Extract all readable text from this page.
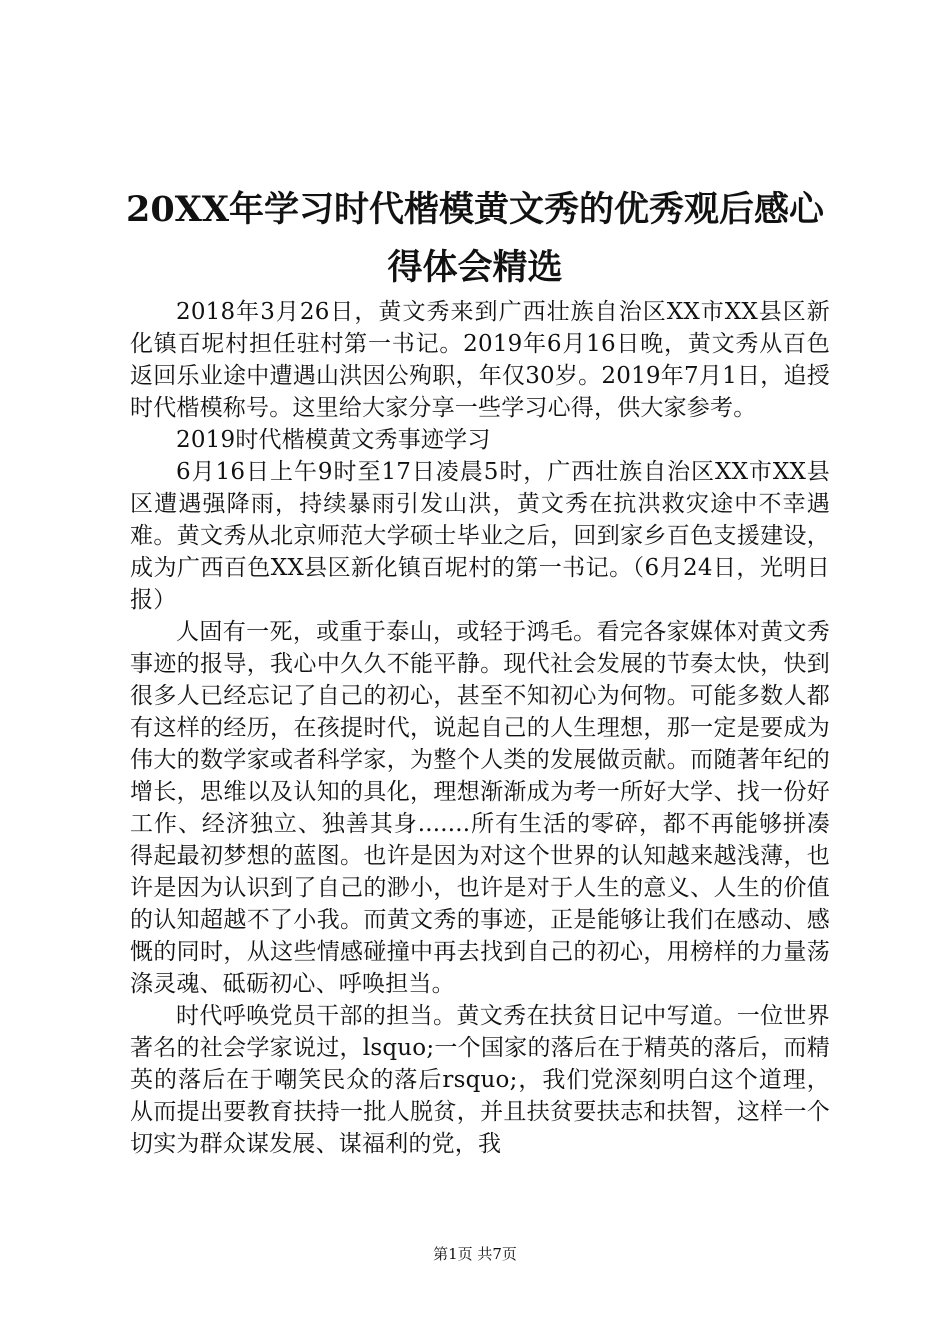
20XX年学习时代楷模黄文秀的优秀观后感心
得体会精选

2018年3月26日，黄文秀来到广西壮族自治区XX市XX县区新化镇百坭村担任驻村第一书记。2019年6月16日晚，黄文秀从百色返回乐业途中遭遇山洪因公殉职，年仅30岁。2019年7月1日，追授时代楷模称号。这里给大家分享一些学习心得，供大家参考。

2019时代楷模黄文秀事迹学习

6月16日上午9时至17日凌晨5时，广西壮族自治区XX市XX县区遭遇强降雨，持续暴雨引发山洪，黄文秀在抗洪救灾途中不幸遇难。黄文秀从北京师范大学硕士毕业之后，回到家乡百色支援建设，成为广西百色XX县区新化镇百坭村的第一书记。（6月24日，光明日报）

人固有一死，或重于泰山，或轻于鸿毛。看完各家媒体对黄文秀事迹的报导，我心中久久不能平静。现代社会发展的节奏太快，快到很多人已经忘记了自己的初心，甚至不知初心为何物。可能多数人都有这样的经历，在孩提时代，说起自己的人生理想，那一定是要成为伟大的数学家或者科学家，为整个人类的发展做贡献。而随著年纪的增长，思维以及认知的具化，理想渐渐成为考一所好大学、找一份好工作、经济独立、独善其身.......所有生活的零碎，都不再能够拼凑得起最初梦想的蓝图。也许是因为对这个世界的认知越来越浅薄，也许是因为认识到了自己的渺小，也许是对于人生的意义、人生的价值的认知超越不了小我。而黄文秀的事迹，正是能够让我们在感动、感慨的同时，从这些情感碰撞中再去找到自己的初心，用榜样的力量荡涤灵魂、砥砺初心、呼唤担当。

时代呼唤党员干部的担当。黄文秀在扶贫日记中写道。一位世界著名的社会学家说过，lsquo;一个国家的落后在于精英的落后，而精英的落后在于嘲笑民众的落后rsquo;，我们党深刻明白这个道理，从而提出要教育扶持一批人脱贫，并且扶贫要扶志和扶智，这样一个切实为群众谋发展、谋福利的党，我

第1页 共7页
